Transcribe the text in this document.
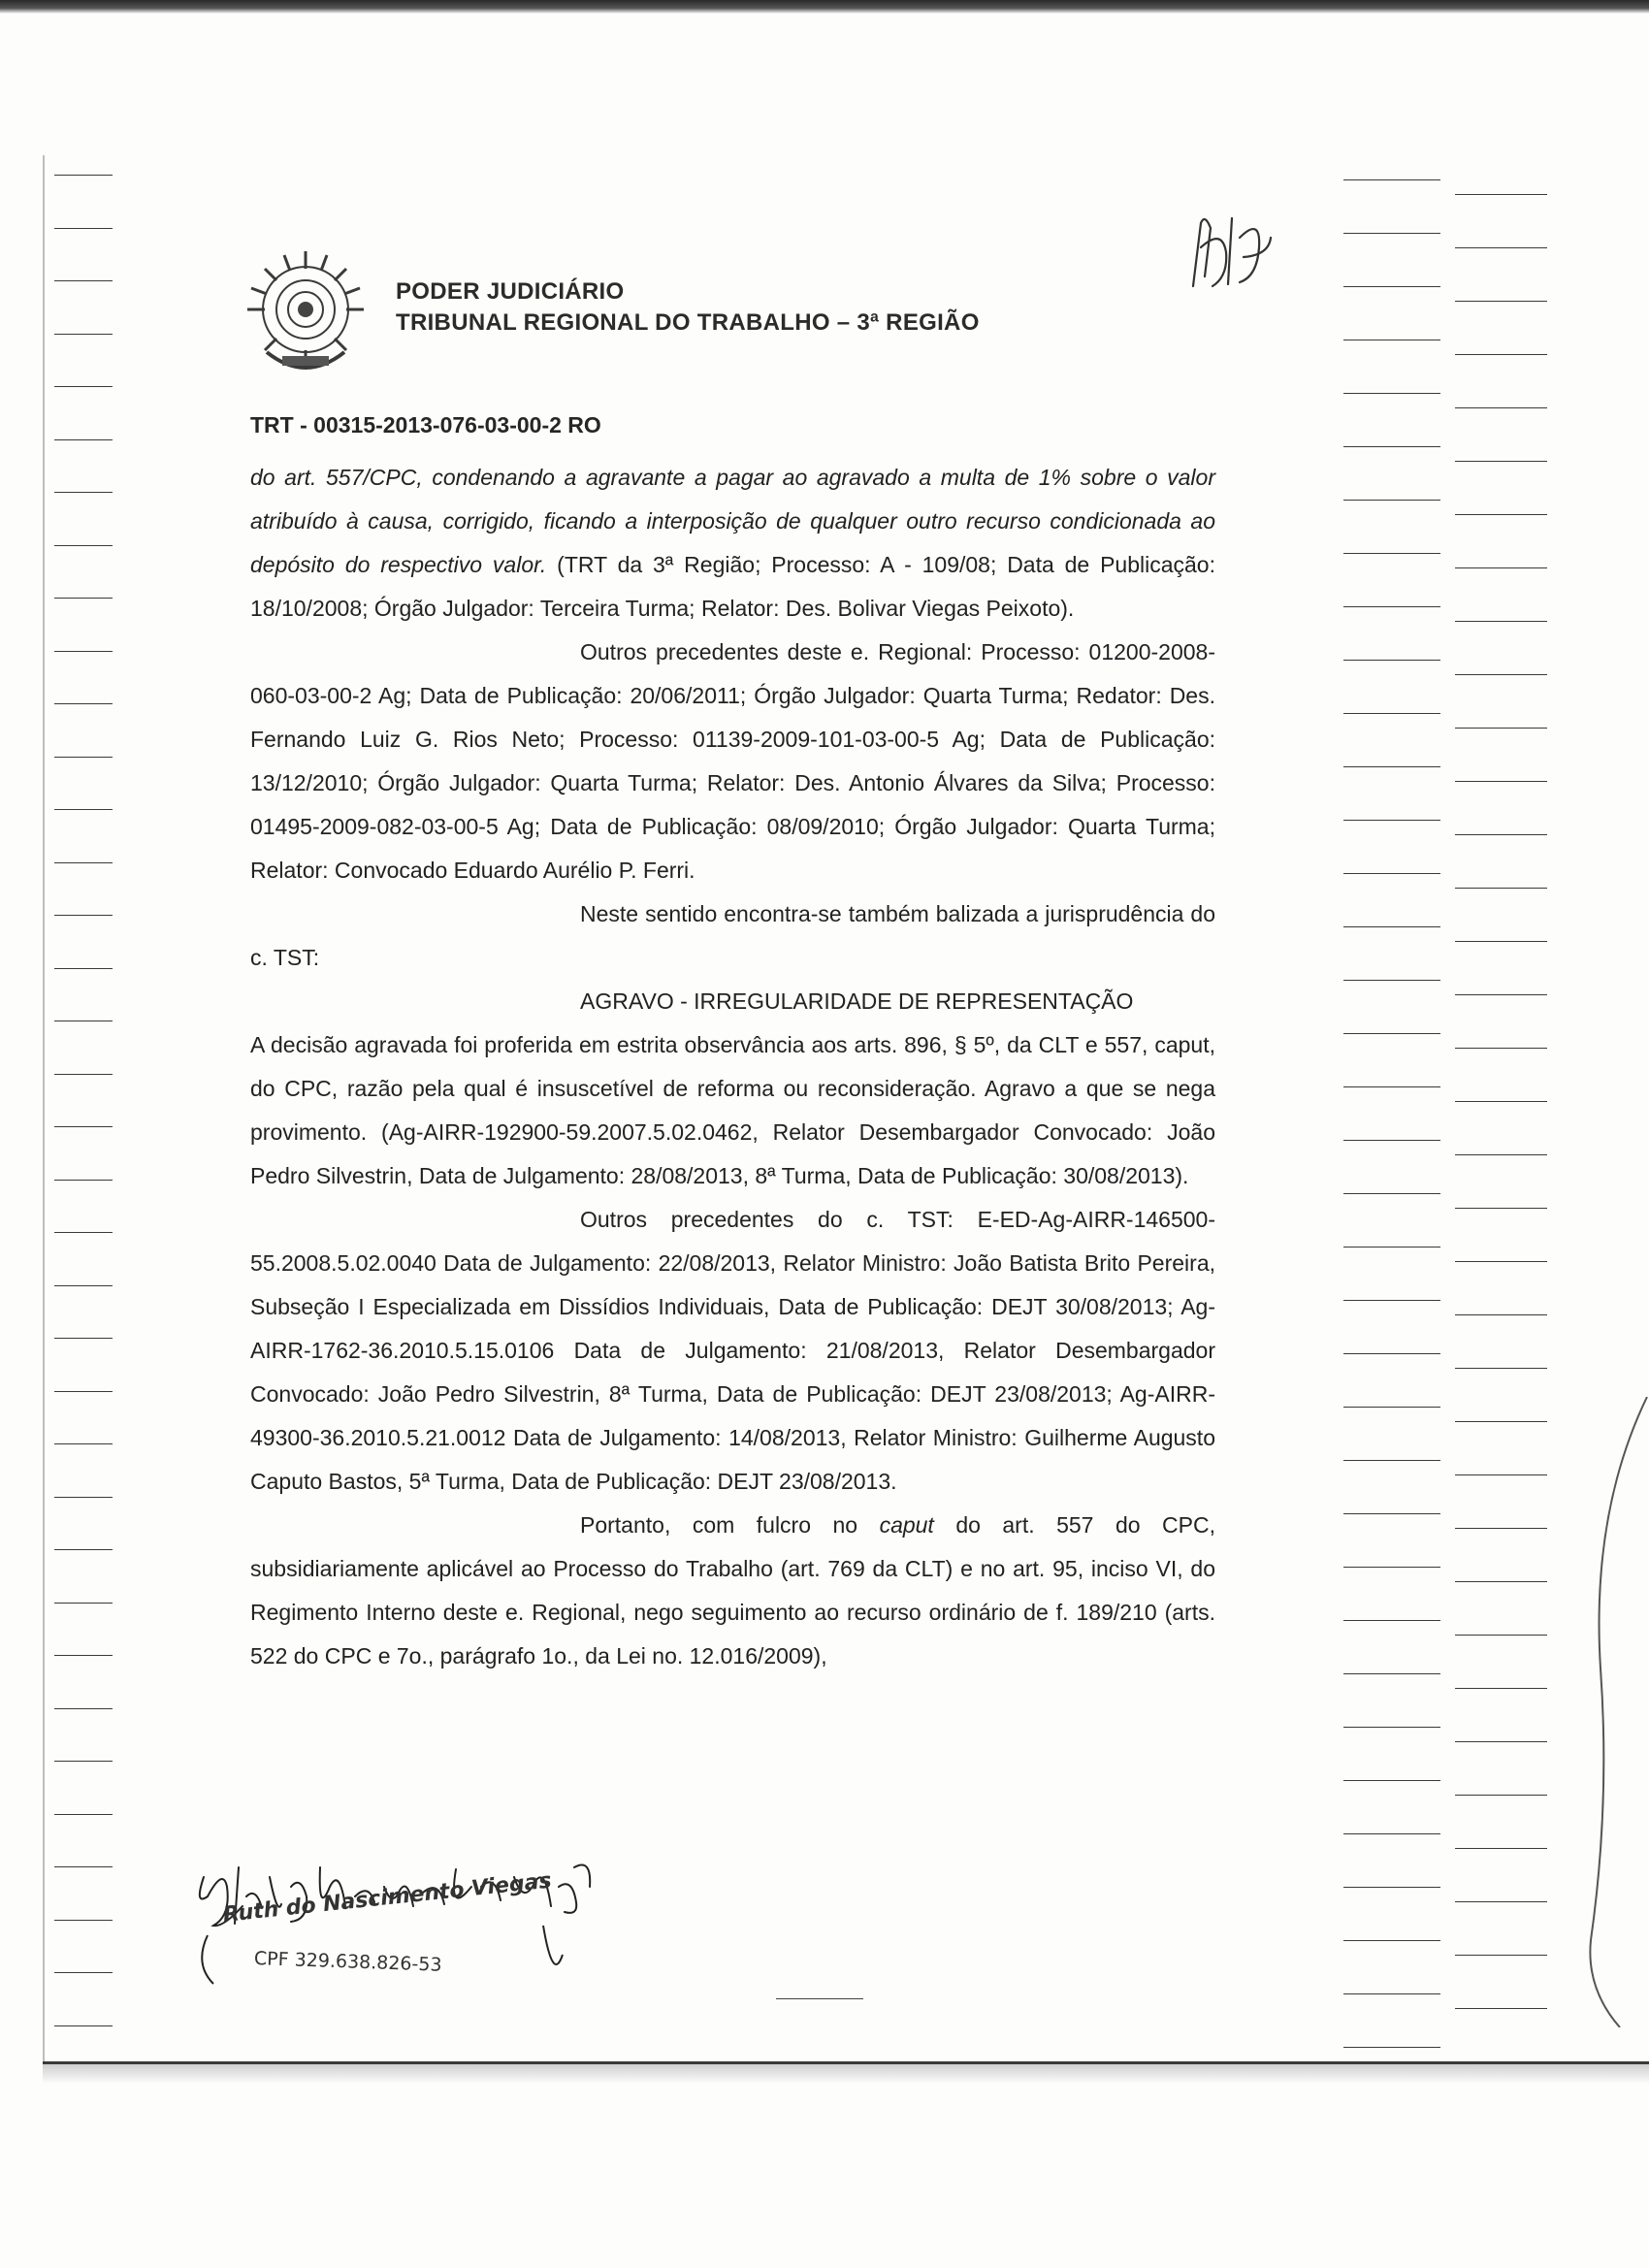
PODER JUDICIÁRIO
TRIBUNAL REGIONAL DO TRABALHO – 3ª REGIÃO
TRT - 00315-2013-076-03-00-2 RO

do art. 557/CPC, condenando a agravante a pagar ao agravado a multa de 1% sobre o valor atribuído à causa, corrigido, ficando a interposição de qualquer outro recurso condicionada ao depósito do respectivo valor. (TRT da 3ª Região; Processo: A - 109/08; Data de Publicação: 18/10/2008; Órgão Julgador: Terceira Turma; Relator: Des. Bolivar Viegas Peixoto).

Outros precedentes deste e. Regional: Processo: 01200-2008-060-03-00-2 Ag; Data de Publicação: 20/06/2011; Órgão Julgador: Quarta Turma; Redator: Des. Fernando Luiz G. Rios Neto; Processo: 01139-2009-101-03-00-5 Ag; Data de Publicação: 13/12/2010; Órgão Julgador: Quarta Turma; Relator: Des. Antonio Álvares da Silva; Processo: 01495-2009-082-03-00-5 Ag; Data de Publicação: 08/09/2010; Órgão Julgador: Quarta Turma; Relator: Convocado Eduardo Aurélio P. Ferri.

Neste sentido encontra-se também balizada a jurisprudência do c. TST:

AGRAVO - IRREGULARIDADE DE REPRESENTAÇÃO

A decisão agravada foi proferida em estrita observância aos arts. 896, § 5º, da CLT e 557, caput, do CPC, razão pela qual é insuscetível de reforma ou reconsideração. Agravo a que se nega provimento. (Ag-AIRR-192900-59.2007.5.02.0462, Relator Desembargador Convocado: João Pedro Silvestrin, Data de Julgamento: 28/08/2013, 8ª Turma, Data de Publicação: 30/08/2013).

Outros precedentes do c. TST: E-ED-Ag-AIRR-146500-55.2008.5.02.0040 Data de Julgamento: 22/08/2013, Relator Ministro: João Batista Brito Pereira, Subseção I Especializada em Dissídios Individuais, Data de Publicação: DEJT 30/08/2013; Ag-AIRR-1762-36.2010.5.15.0106 Data de Julgamento: 21/08/2013, Relator Desembargador Convocado: João Pedro Silvestrin, 8ª Turma, Data de Publicação: DEJT 23/08/2013; Ag-AIRR-49300-36.2010.5.21.0012 Data de Julgamento: 14/08/2013, Relator Ministro: Guilherme Augusto Caputo Bastos, 5ª Turma, Data de Publicação: DEJT 23/08/2013.

Portanto, com fulcro no caput do art. 557 do CPC, subsidiariamente aplicável ao Processo do Trabalho (art. 769 da CLT) e no art. 95, inciso VI, do Regimento Interno deste e. Regional, nego seguimento ao recurso ordinário de f. 189/210 (arts. 522 do CPC e 7o., parágrafo 1o., da Lei no. 12.016/2009),

Ruth do Nascimento Viegas
CPF 329.638.826-53
